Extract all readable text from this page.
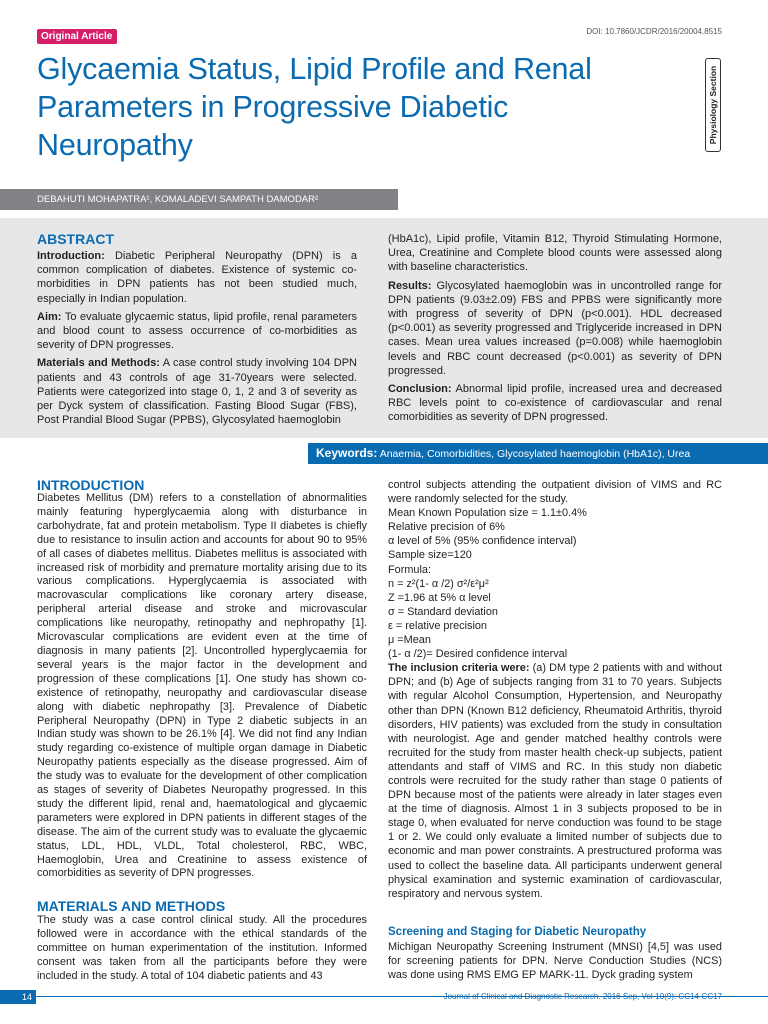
Original Article	DOI: 10.7860/JCDR/2016/20004.8515
Glycaemia Status, Lipid Profile and Renal Parameters in Progressive Diabetic Neuropathy
Physiology Section
DEBAHUTI MOHAPATRA¹, KOMALADEVI SAMPATH DAMODAR²
ABSTRACT

Introduction: Diabetic Peripheral Neuropathy (DPN) is a common complication of diabetes. Existence of systemic co-morbidities in DPN patients has not been studied much, especially in Indian population.

Aim: To evaluate glycaemic status, lipid profile, renal parameters and blood count to assess occurrence of co-morbidities as severity of DPN progresses.

Materials and Methods: A case control study involving 104 DPN patients and 43 controls of age 31-70years were selected. Patients were categorized into stage 0, 1, 2 and 3 of severity as per Dyck system of classification. Fasting Blood Sugar (FBS), Post Prandial Blood Sugar (PPBS), Glycosylated haemoglobin

(HbA1c), Lipid profile, Vitamin B12, Thyroid Stimulating Hormone, Urea, Creatinine and Complete blood counts were assessed along with baseline characteristics.

Results: Glycosylated haemoglobin was in uncontrolled range for DPN patients (9.03±2.09) FBS and PPBS were significantly more with progress of severity of DPN (p<0.001). HDL decreased (p<0.001) as severity progressed and Triglyceride increased in DPN cases. Mean urea values increased (p=0.008) while haemoglobin levels and RBC count decreased (p<0.001) as severity of DPN progressed.

Conclusion: Abnormal lipid profile, increased urea and decreased RBC levels point to co-existence of cardiovascular and renal comorbidities as severity of DPN progressed.

Keywords: Anaemia, Comorbidities, Glycosylated haemoglobin (HbA1c), Urea
INTRODUCTION
Diabetes Mellitus (DM) refers to a constellation of abnormalities mainly featuring hyperglycaemia along with disturbance in carbohydrate, fat and protein metabolism. Type II diabetes is chiefly due to resistance to insulin action and accounts for about 90 to 95% of all cases of diabetes mellitus. Diabetes mellitus is associated with increased risk of morbidity and premature mortality arising due to its various complications. Hyperglycaemia is associated with macrovascular complications like coronary artery disease, peripheral arterial disease and stroke and microvascular complications like neuropathy, retinopathy and nephropathy [1]. Microvascular complications are evident even at the time of diagnosis in many patients [2]. Uncontrolled hyperglycaemia for several years is the major factor in the development and progression of these complications [1]. One study has shown co-existence of retinopathy, neuropathy and cardiovascular disease along with diabetic nephropathy [3]. Prevalence of Diabetic Peripheral Neuropathy (DPN) in Type 2 diabetic subjects in an Indian study was shown to be 26.1% [4]. We did not find any Indian study regarding co-existence of multiple organ damage in Diabetic Neuropathy patients especially as the disease progressed. Aim of the study was to evaluate for the development of other complication as stages of severity of Diabetes Neuropathy progressed. In this study the different lipid, renal and, haematological and glycaemic parameters were explored in DPN patients in different stages of the disease. The aim of the current study was to evaluate the glycaemic status, LDL, HDL, VLDL, Total cholesterol, RBC, WBC, Haemoglobin, Urea and Creatinine to assess existence of comorbidities as severity of DPN progresses.
MATERIALS AND METHODS
The study was a case control clinical study. All the procedures followed were in accordance with the ethical standards of the committee on human experimentation of the institution. Informed consent was taken from all the participants before they were included in the study. A total of 104 diabetic patients and 43
control subjects attending the outpatient division of VIMS and RC were randomly selected for the study.
Mean Known Population size = 1.1±0.4%
Relative precision of 6%
α level of 5% (95% confidence interval)
Sample size=120
Formula:
n = z²(1- α /2) σ²/ε²μ²
Z =1.96 at 5% α level
σ = Standard deviation
ε = relative precision
μ =Mean
(1- α /2)= Desired confidence interval
The inclusion criteria were: (a) DM type 2 patients with and without DPN; and (b) Age of subjects ranging from 31 to 70 years. Subjects with regular Alcohol Consumption, Hypertension, and Neuropathy other than DPN (Known B12 deficiency, Rheumatoid Arthritis, thyroid disorders, HIV patients) was excluded from the study in consultation with neurologist. Age and gender matched healthy controls were recruited for the study from master health check-up subjects, patient attendants and staff of VIMS and RC. In this study non diabetic controls were recruited for the study rather than stage 0 patients of DPN because most of the patients were already in later stages even at the time of diagnosis. Almost 1 in 3 subjects proposed to be in stage 0, when evaluated for nerve conduction was found to be stage 1 or 2. We could only evaluate a limited number of subjects due to economic and man power constraints. A prestructured proforma was used to collect the baseline data. All participants underwent general physical examination and systemic examination of cardiovascular, respiratory and nervous system.
Screening and Staging for Diabetic Neuropathy
Michigan Neuropathy Screening Instrument (MNSI) [4,5] was used for screening patients for DPN. Nerve Conduction Studies (NCS) was done using RMS EMG EP MARK-11. Dyck grading system
14	Journal of Clinical and Diagnostic Research. 2016 Sep, Vol-10(9): CC14-CC17
